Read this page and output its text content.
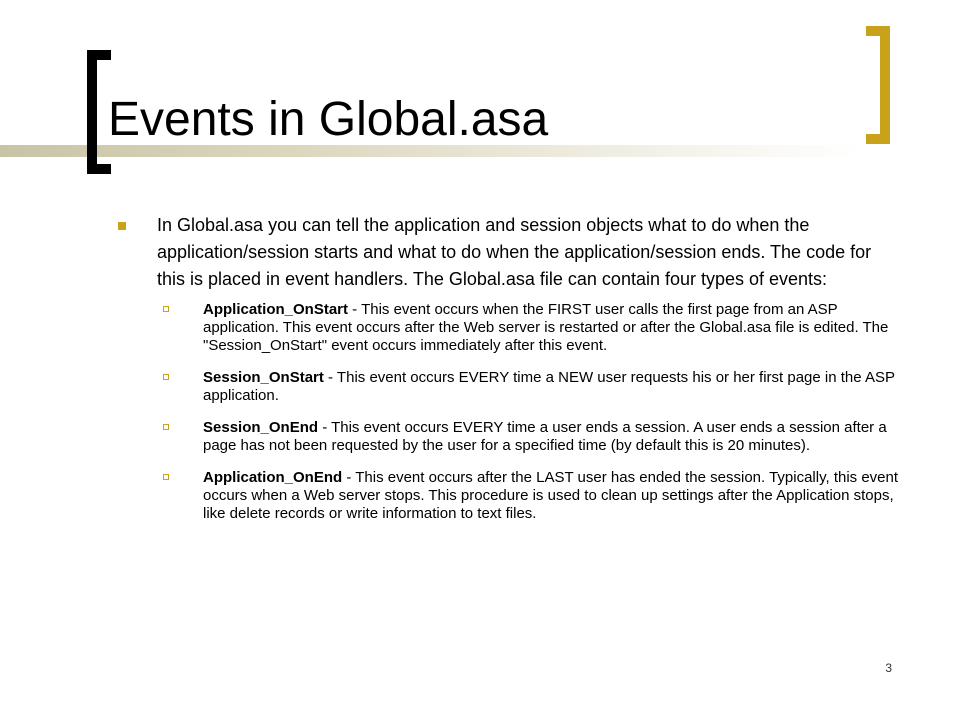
Events in Global.asa
In Global.asa you can tell the application and session objects what to do when the application/session starts and what to do when the application/session ends. The code for this is placed in event handlers. The Global.asa file can contain four types of events:
Application_OnStart - This event occurs when the FIRST user calls the first page from an ASP application. This event occurs after the Web server is restarted or after the Global.asa file is edited. The "Session_OnStart" event occurs immediately after this event.
Session_OnStart - This event occurs EVERY time a NEW user requests his or her first page in the ASP application.
Session_OnEnd - This event occurs EVERY time a user ends a session. A user ends a session after a page has not been requested by the user for a specified time (by default this is 20 minutes).
Application_OnEnd - This event occurs after the LAST user has ended the session. Typically, this event occurs when a Web server stops. This procedure is used to clean up settings after the Application stops, like delete records or write information to text files.
3
